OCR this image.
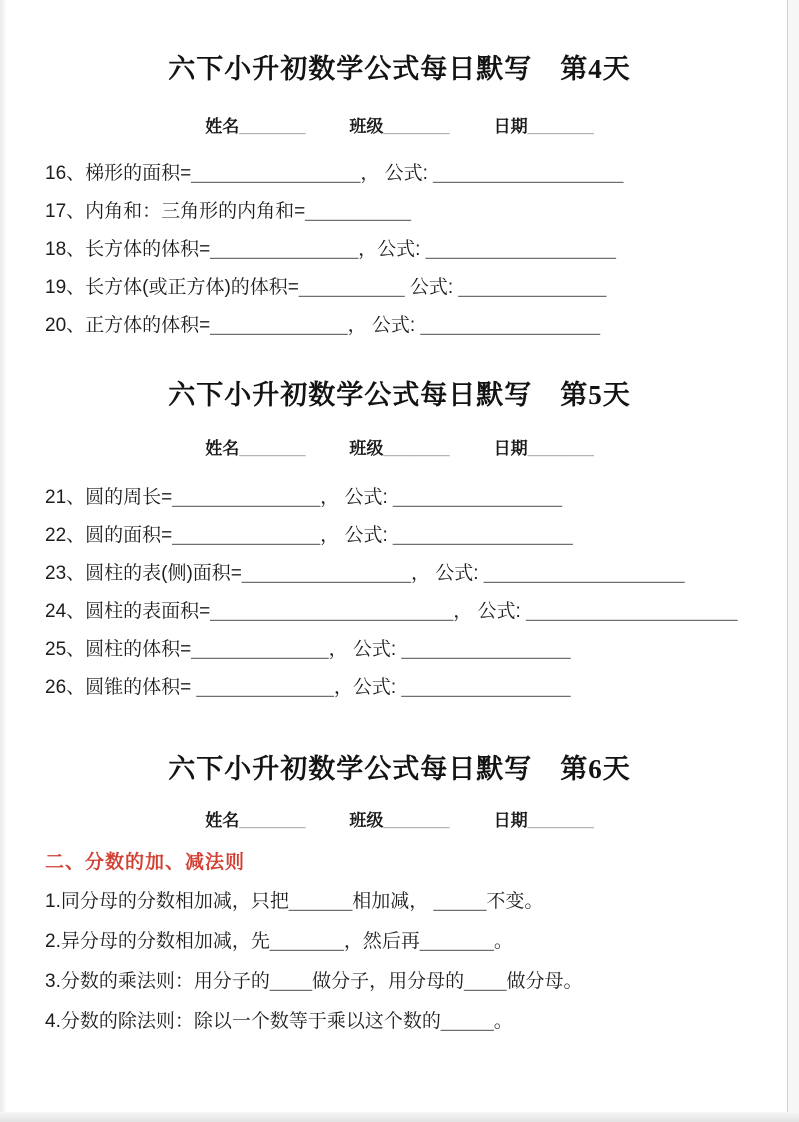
六下小升初数学公式每日默写　第4天
姓名_______	班级_______	日期_______
16、梯形的面积=________________， 公式: __________________
17、内角和：三角形的内角和=__________
18、长方体的体积=______________，公式: __________________
19、长方体(或正方体)的体积=__________ 公式: ______________
20、正方体的体积=_____________， 公式: _________________
六下小升初数学公式每日默写　第5天
姓名_______	班级_______	日期_______
21、圆的周长=______________， 公式: ________________
22、圆的面积=______________， 公式: _________________
23、圆柱的表(侧)面积=________________， 公式: ___________________
24、圆柱的表面积=_______________________， 公式: ____________________
25、圆柱的体积=_____________， 公式: ________________
26、圆锥的体积= _____________，公式: ________________
六下小升初数学公式每日默写　第6天
姓名_______	班级_______	日期_______
二、分数的加、减法则
1.同分母的分数相加减，只把______相加减， _____不变。
2.异分母的分数相加减，先_______，然后再_______。
3.分数的乘法则：用分子的____做分子，用分母的____做分母。
4.分数的除法则：除以一个数等于乘以这个数的_____。
